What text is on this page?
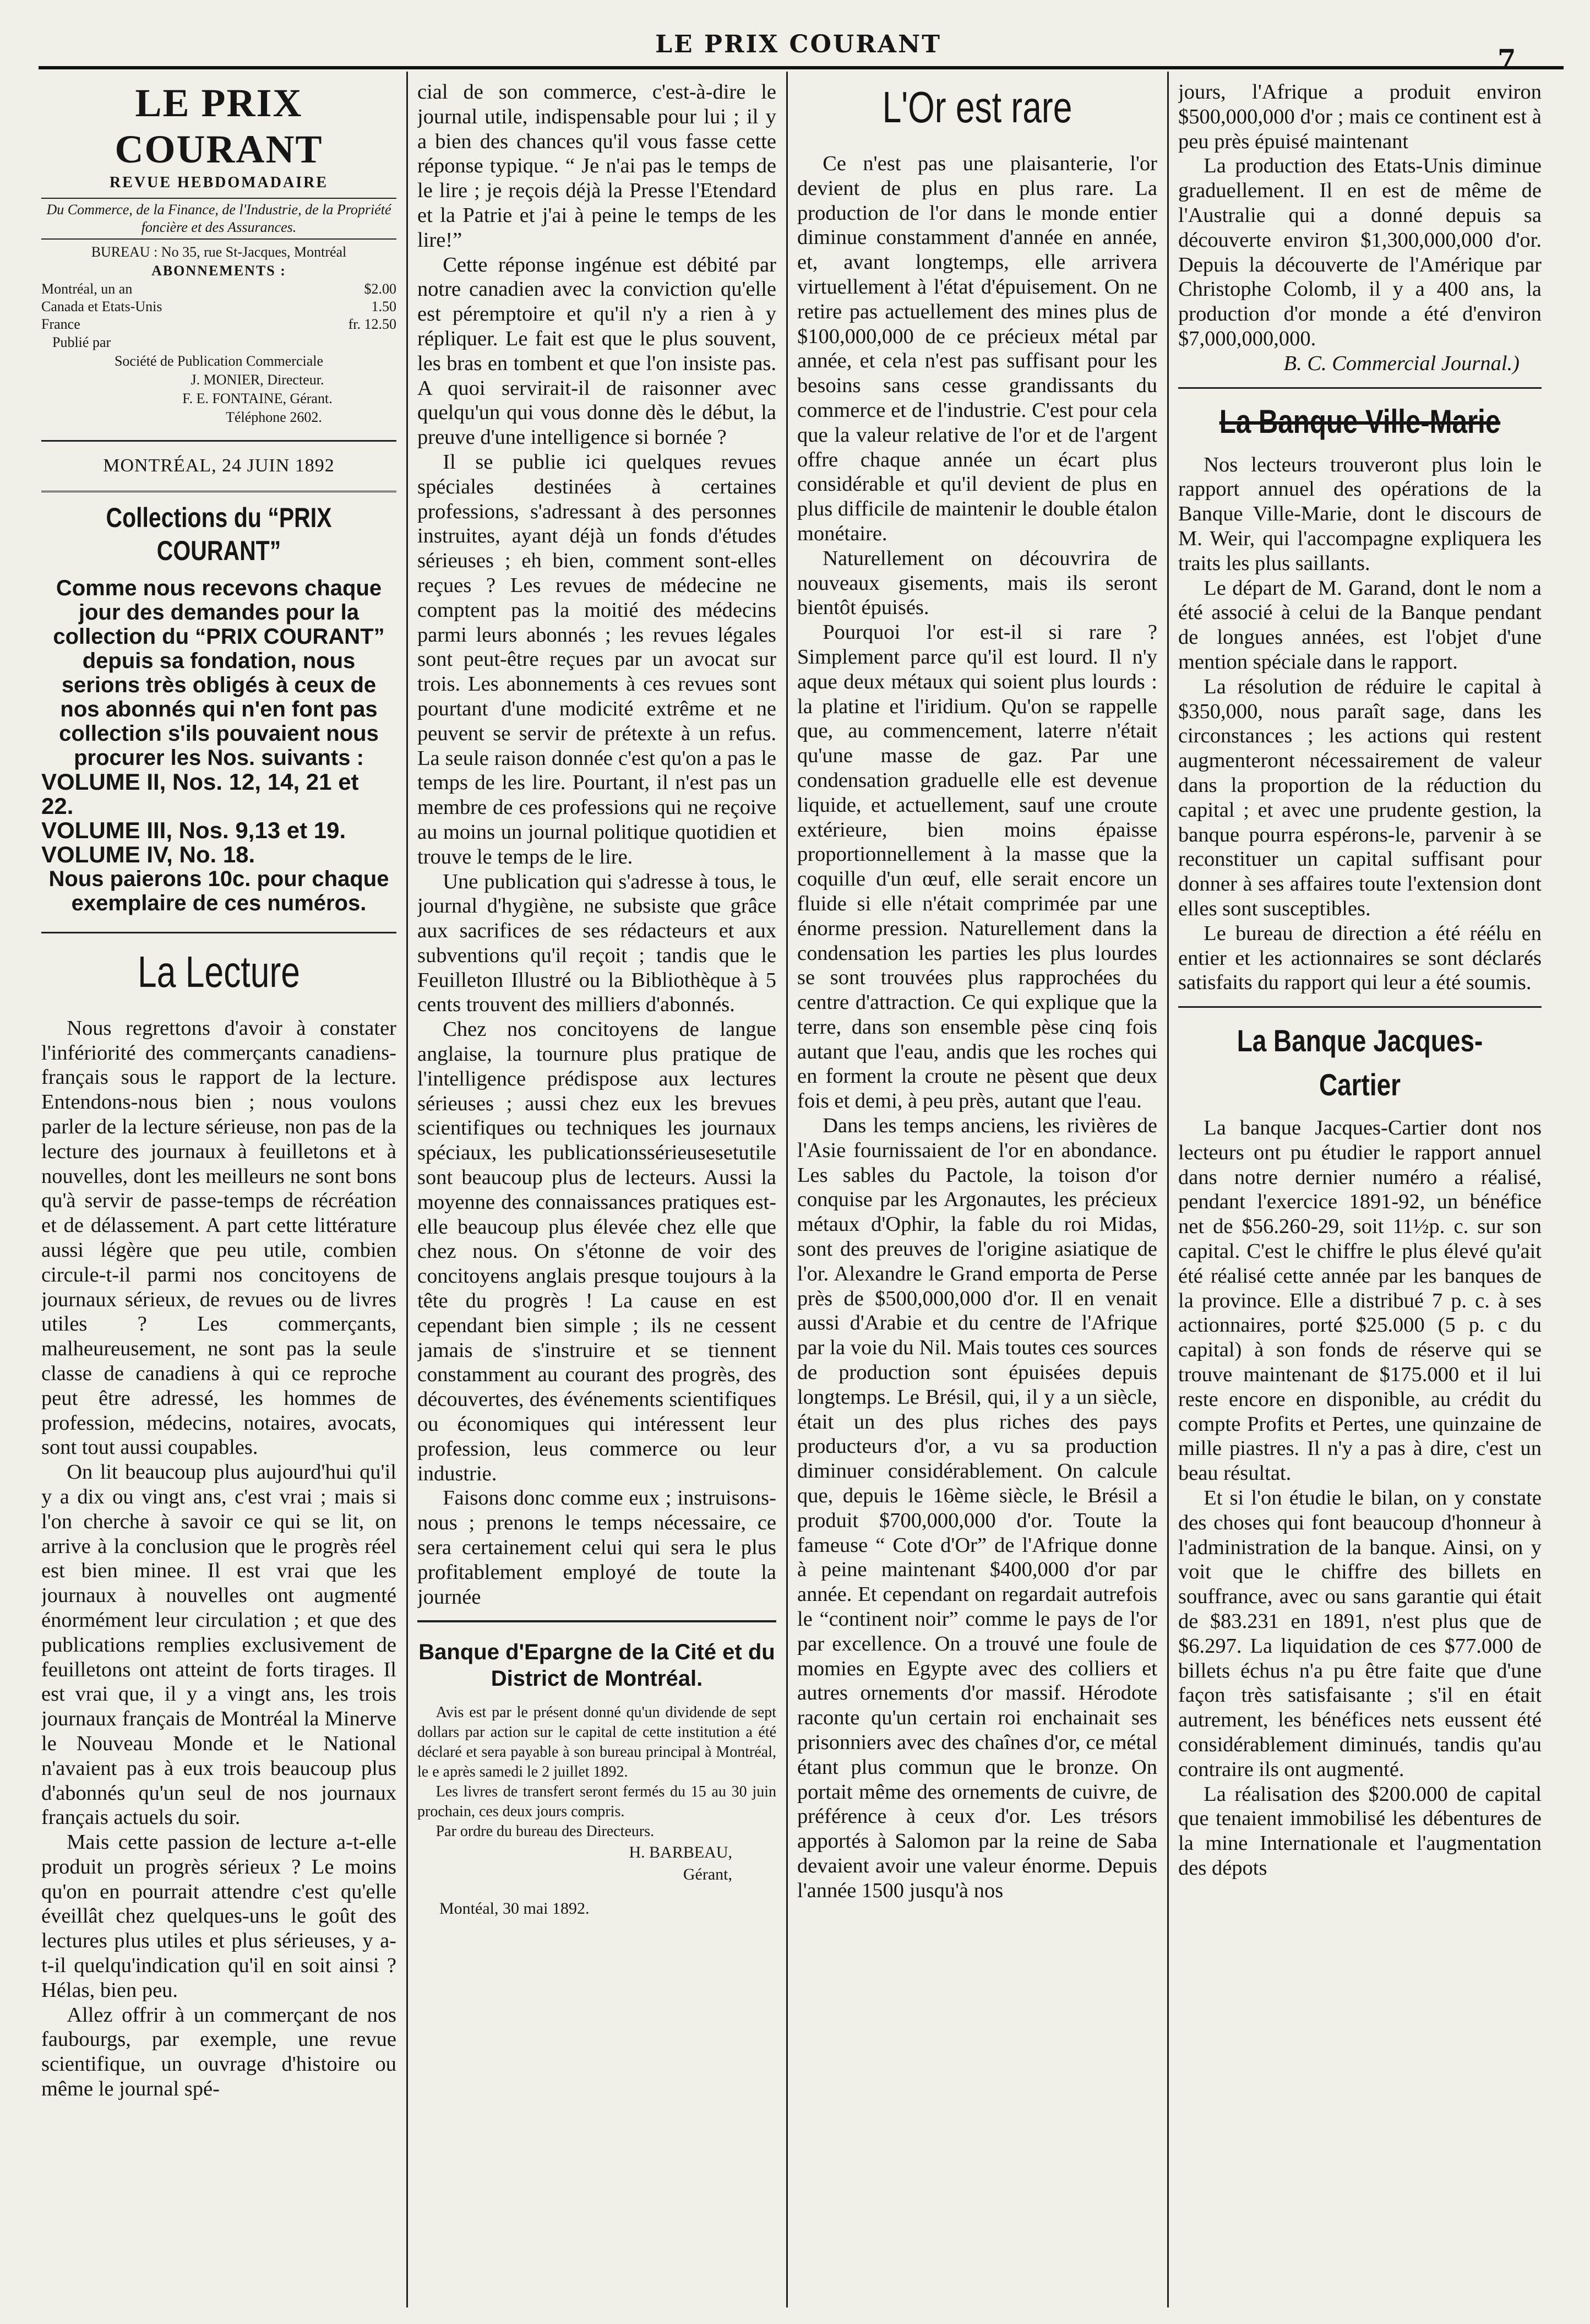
LE PRIX COURANT	7
LE PRIX COURANT
REVUE HEBDOMADAIRE
Du Commerce, de la Finance, de l'Industrie, de la Propriété foncière et des Assurances.
BUREAU : No 35, rue St-Jacques, Montréal
ABONNEMENTS :
Montréal, un an	$2.00
Canada et Etats-Unis	1.50
France	fr. 12.50
Publié par
Société de Publication Commerciale
J. MONIER, Directeur.
F. E. FONTAINE, Gérant.
Téléphone 2602.
MONTRÉAL, 24 JUIN 1892
Collections du “PRIX COURANT”
Comme nous recevons chaque jour des demandes pour la collection du “PRIX COURANT” depuis sa fondation, nous serions très obligés à ceux de nos abonnés qui n'en font pas collection s'ils pouvaient nous procurer les Nos. suivants :
VOLUME II, Nos. 12, 14, 21 et 22.
VOLUME III, Nos. 9,13 et 19.
VOLUME IV, No. 18.
Nous paierons 10c. pour chaque exemplaire de ces numéros.
La Lecture

Nous regrettons d'avoir à constater l'infériorité des commerçants canadiens-français sous le rapport de la lecture. Entendons-nous bien ; nous voulons parler de la lecture sérieuse, non pas de la lecture des journaux à feuilletons et à nouvelles, dont les meilleurs ne sont bons qu'à servir de passe-temps de récréation et de délassement. A part cette littérature aussi légère que peu utile, combien circule-t-il parmi nos concitoyens de journaux sérieux, de revues ou de livres utiles ? Les commerçants, malheureusement, ne sont pas la seule classe de canadiens à qui ce reproche peut être adressé, les hommes de profession, médecins, notaires, avocats, sont tout aussi coupables.

On lit beaucoup plus aujourd'hui qu'il y a dix ou vingt ans, c'est vrai ; mais si l'on cherche à savoir ce qui se lit, on arrive à la conclusion que le progrès réel est bien minee. Il est vrai que les journaux à nouvelles ont augmenté énormément leur circulation ; et que des publications remplies exclusivement de feuilletons ont atteint de forts tirages. Il est vrai que, il y a vingt ans, les trois journaux français de Montréal la Minerve le Nouveau Monde et le National n'avaient pas à eux trois beaucoup plus d'abonnés qu'un seul de nos journaux français actuels du soir.

Mais cette passion de lecture a-t-elle produit un progrès sérieux ? Le moins qu'on en pourrait attendre c'est qu'elle éveillât chez quelques-uns le goût des lectures plus utiles et plus sérieuses, y a-t-il quelqu'indication qu'il en soit ainsi ? Hélas, bien peu.

Allez offrir à un commerçant de nos faubourgs, par exemple, une revue scientifique, un ouvrage d'histoire ou même le journal spé-

cial de son commerce, c'est-à-dire le journal utile, indispensable pour lui ; il y a bien des chances qu'il vous fasse cette réponse typique. “ Je n'ai pas le temps de le lire ; je reçois déjà la Presse l'Etendard et la Patrie et j'ai à peine le temps de les lire!”

Cette réponse ingénue est débité par notre canadien avec la conviction qu'elle est péremptoire et qu'il n'y a rien à y répliquer. Le fait est que le plus souvent, les bras en tombent et que l'on insiste pas. A quoi servirait-il de raisonner avec quelqu'un qui vous donne dès le début, la preuve d'une intelligence si bornée ?

Il se publie ici quelques revues spéciales destinées à certaines professions, s'adressant à des personnes instruites, ayant déjà un fonds d'études sérieuses ; eh bien, comment sont-elles reçues ? Les revues de médecine ne comptent pas la moitié des médecins parmi leurs abonnés ; les revues légales sont peut-être reçues par un avocat sur trois. Les abonnements à ces revues sont pourtant d'une modicité extrême et ne peuvent se servir de prétexte à un refus. La seule raison donnée c'est qu'on a pas le temps de les lire. Pourtant, il n'est pas un membre de ces professions qui ne reçoive au moins un journal politique quotidien et trouve le temps de le lire.

Une publication qui s'adresse à tous, le journal d'hygiène, ne subsiste que grâce aux sacrifices de ses rédacteurs et aux subventions qu'il reçoit ; tandis que le Feuilleton Illustré ou la Bibliothèque à 5 cents trouvent des milliers d'abonnés.

Chez nos concitoyens de langue anglaise, la tournure plus pratique de l'intelligence prédispose aux lectures sérieuses ; aussi chez eux les brevues scientifiques ou techniques les journaux spéciaux, les publicationssérieusesetutile sont beaucoup plus de lecteurs. Aussi la moyenne des connaissances pratiques est-elle beaucoup plus élevée chez elle que chez nous. On s'étonne de voir des concitoyens anglais presque toujours à la tête du progrès ! La cause en est cependant bien simple ; ils ne cessent jamais de s'instruire et se tiennent constamment au courant des progrès, des découvertes, des événements scientifiques ou économiques qui intéressent leur profession, leus commerce ou leur industrie.

Faisons donc comme eux ; instruisons-nous ; prenons le temps nécessaire, ce sera certainement celui qui sera le plus profitablement employé de toute la journée

Banque d'Epargne de la Cité et du District de Montréal.

Avis est par le présent donné qu'un dividende de sept dollars par action sur le capital de cette institution a été déclaré et sera payable à son bureau principal à Montréal, le e après samedi le 2 juillet 1892.

Les livres de transfert seront fermés du 15 au 30 juin prochain, ces deux jours compris.

Par ordre du bureau des Directeurs.

H. BARBEAU,
Gérant,
Montéal, 30 mai 1892.
L'Or est rare

Ce n'est pas une plaisanterie, l'or devient de plus en plus rare. La production de l'or dans le monde entier diminue constamment d'année en année, et, avant longtemps, elle arrivera virtuellement à l'état d'épuisement. On ne retire pas actuellement des mines plus de $100,000,000 de ce précieux métal par année, et cela n'est pas suffisant pour les besoins sans cesse grandissants du commerce et de l'industrie. C'est pour cela que la valeur relative de l'or et de l'argent offre chaque année un écart plus considérable et qu'il devient de plus en plus difficile de maintenir le double étalon monétaire.

Naturellement on découvrira de nouveaux gisements, mais ils seront bientôt épuisés.

Pourquoi l'or est-il si rare ? Simplement parce qu'il est lourd. Il n'y aque deux métaux qui soient plus lourds : la platine et l'iridium. Qu'on se rappelle que, au commencement, laterre n'était qu'une masse de gaz. Par une condensation graduelle elle est devenue liquide, et actuellement, sauf une croute extérieure, bien moins épaisse proportionnellement à la masse que la coquille d'un œuf, elle serait encore un fluide si elle n'était comprimée par une énorme pression. Naturellement dans la condensation les parties les plus lourdes se sont trouvées plus rapprochées du centre d'attraction. Ce qui explique que la terre, dans son ensemble pèse cinq fois autant que l'eau, andis que les roches qui en forment la croute ne pèsent que deux fois et demi, à peu près, autant que l'eau.

Dans les temps anciens, les rivières de l'Asie fournissaient de l'or en abondance. Les sables du Pactole, la toison d'or conquise par les Argonautes, les précieux métaux d'Ophir, la fable du roi Midas, sont des preuves de l'origine asiatique de l'or. Alexandre le Grand emporta de Perse près de $500,000,000 d'or. Il en venait aussi d'Arabie et du centre de l'Afrique par la voie du Nil. Mais toutes ces sources de production sont épuisées depuis longtemps. Le Brésil, qui, il y a un siècle, était un des plus riches des pays producteurs d'or, a vu sa production diminuer considérablement. On calcule que, depuis le 16ème siècle, le Brésil a produit $700,000,000 d'or. Toute la fameuse “ Cote d'Or” de l'Afrique donne à peine maintenant $400,000 d'or par année. Et cependant on regardait autrefois le “continent noir” comme le pays de l'or par excellence. On a trouvé une foule de momies en Egypte avec des colliers et autres ornements d'or massif. Hérodote raconte qu'un certain roi enchainait ses prisonniers avec des chaînes d'or, ce métal étant plus commun que le bronze. On portait même des ornements de cuivre, de préférence à ceux d'or. Les trésors apportés à Salomon par la reine de Saba devaient avoir une valeur énorme. Depuis l'année 1500 jusqu'à nos

jours, l'Afrique a produit environ $500,000,000 d'or ; mais ce continent est à peu près épuisé maintenant

La production des Etats-Unis diminue graduellement. Il en est de même de l'Australie qui a donné depuis sa découverte environ $1,300,000,000 d'or. Depuis la découverte de l'Amérique par Christophe Colomb, il y a 400 ans, la production d'or monde a été d'environ $7,000,000,000.

B. C. Commercial Journal.)
La Banque Ville-Marie

Nos lecteurs trouveront plus loin le rapport annuel des opérations de la Banque Ville-Marie, dont le discours de M. Weir, qui l'accompagne expliquera les traits les plus saillants.

Le départ de M. Garand, dont le nom a été associé à celui de la Banque pendant de longues années, est l'objet d'une mention spéciale dans le rapport.

La résolution de réduire le capital à $350,000, nous paraît sage, dans les circonstances ; les actions qui restent augmenteront nécessairement de valeur dans la proportion de la réduction du capital ; et avec une prudente gestion, la banque pourra espérons-le, parvenir à se reconstituer un capital suffisant pour donner à ses affaires toute l'extension dont elles sont susceptibles.

Le bureau de direction a été réélu en entier et les actionnaires se sont déclarés satisfaits du rapport qui leur a été soumis.

La Banque Jacques-Cartier

La banque Jacques-Cartier dont nos lecteurs ont pu étudier le rapport annuel dans notre dernier numéro a réalisé, pendant l'exercice 1891-92, un bénéfice net de $56.260-29, soit 11½p. c. sur son capital. C'est le chiffre le plus élevé qu'ait été réalisé cette année par les banques de la province. Elle a distribué 7 p. c. à ses actionnaires, porté $25.000 (5 p. c du capital) à son fonds de réserve qui se trouve maintenant de $175.000 et il lui reste encore en disponible, au crédit du compte Profits et Pertes, une quinzaine de mille piastres. Il n'y a pas à dire, c'est un beau résultat.

Et si l'on étudie le bilan, on y constate des choses qui font beaucoup d'honneur à l'administration de la banque. Ainsi, on y voit que le chiffre des billets en souffrance, avec ou sans garantie qui était de $83.231 en 1891, n'est plus que de $6.297. La liquidation de ces $77.000 de billets échus n'a pu être faite que d'une façon très satisfaisante ; s'il en était autrement, les bénéfices nets eussent été considérablement diminués, tandis qu'au contraire ils ont augmenté.

La réalisation des $200.000 de capital que tenaient immobilisé les débentures de la mine Internationale et l'augmentation des dépots
